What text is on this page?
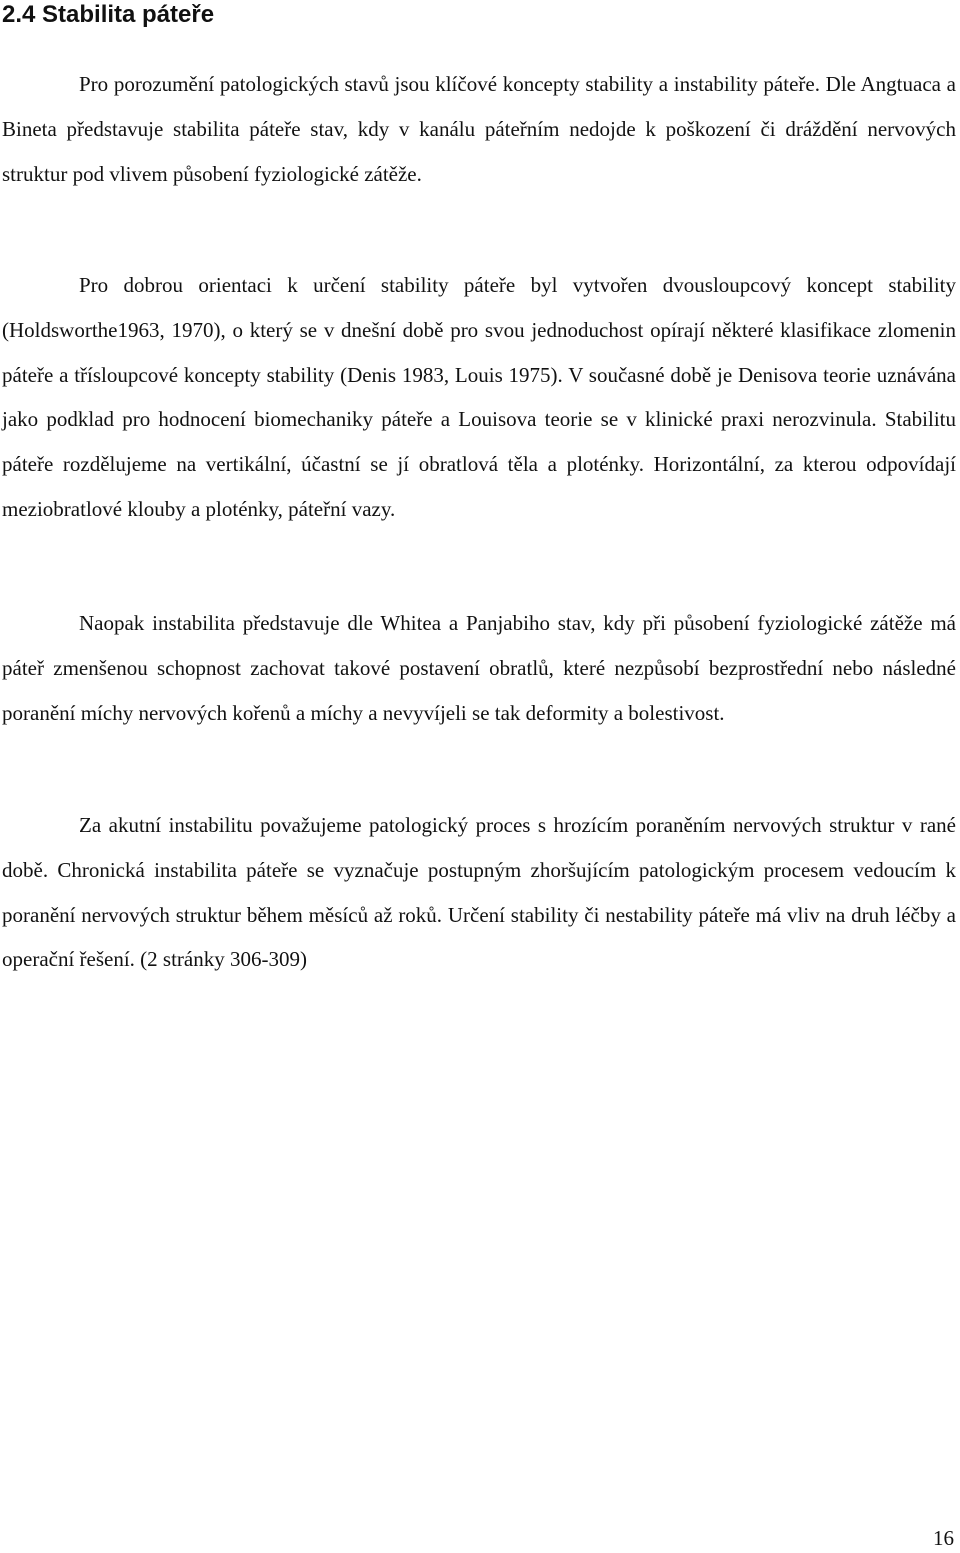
2.4 Stabilita páteře

Pro porozumění patologických stavů jsou klíčové koncepty stability a instability páteře. Dle Angtuaca a Bineta představuje stabilita páteře stav, kdy v kanálu páteřním nedojde k poškození či dráždění nervových struktur pod vlivem působení fyziologické zátěže.

Pro dobrou orientaci k určení stability páteře byl vytvořen dvousloupcový koncept stability (Holdsworthe1963, 1970), o který se v dnešní době pro svou jednoduchost opírají některé klasifikace zlomenin páteře a třísloupcové koncepty stability (Denis 1983, Louis 1975). V současné době je Denisova teorie uznávána jako podklad pro hodnocení biomechaniky páteře a Louisova teorie se v klinické praxi nerozvinula. Stabilitu páteře rozdělujeme na vertikální, účastní se jí obratlová těla a ploténky. Horizontální, za kterou odpovídají meziobratlové klouby a ploténky, páteřní vazy.

Naopak instabilita představuje dle Whitea a Panjabiho stav, kdy při působení fyziologické zátěže má páteř zmenšenou schopnost zachovat takové postavení obratlů, které nezpůsobí bezprostřední nebo následné poranění míchy nervových kořenů a míchy a nevyvíjeli se tak deformity a bolestivost.

Za akutní instabilitu považujeme patologický proces s hrozícím poraněním nervových struktur v rané době. Chronická instabilita páteře se vyznačuje postupným zhoršujícím patologickým procesem vedoucím k poranění nervových struktur během měsíců až roků. Určení stability či nestability páteře má vliv na druh léčby a operační řešení. (2 stránky 306-309)

16
